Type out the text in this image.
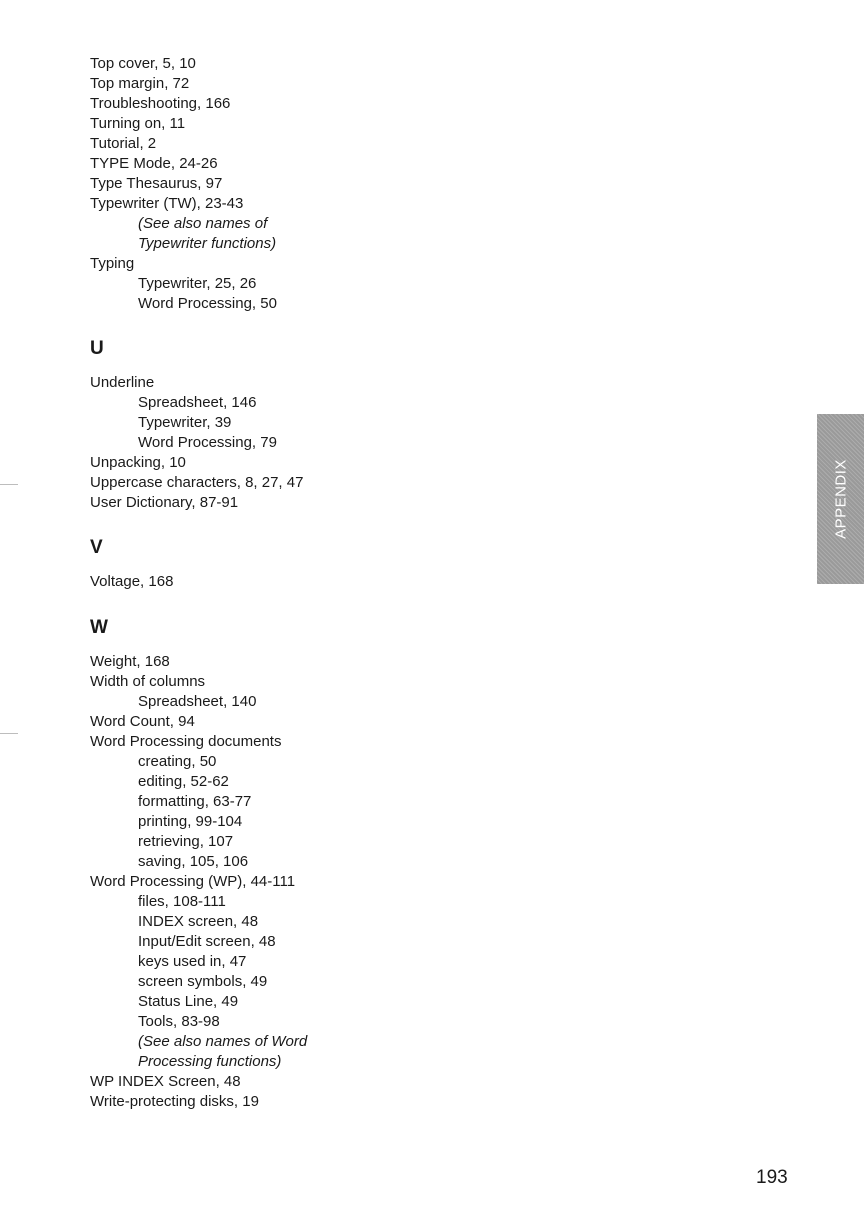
Top cover, 5, 10
Top margin, 72
Troubleshooting, 166
Turning on, 11
Tutorial, 2
TYPE Mode, 24-26
Type Thesaurus, 97
Typewriter (TW), 23-43
(See also names of
Typewriter functions)
Typing
Typewriter, 25, 26
Word Processing, 50
U
Underline
Spreadsheet, 146
Typewriter, 39
Word Processing, 79
Unpacking, 10
Uppercase characters, 8, 27, 47
User Dictionary, 87-91
V
Voltage, 168
W
Weight, 168
Width of columns
Spreadsheet, 140
Word Count, 94
Word Processing documents
creating, 50
editing, 52-62
formatting, 63-77
printing, 99-104
retrieving, 107
saving, 105, 106
Word Processing (WP), 44-111
files, 108-111
INDEX screen, 48
Input/Edit screen, 48
keys used in, 47
screen symbols, 49
Status Line, 49
Tools, 83-98
(See also names of Word
Processing functions)
WP INDEX Screen, 48
Write-protecting disks, 19
APPENDIX
193
